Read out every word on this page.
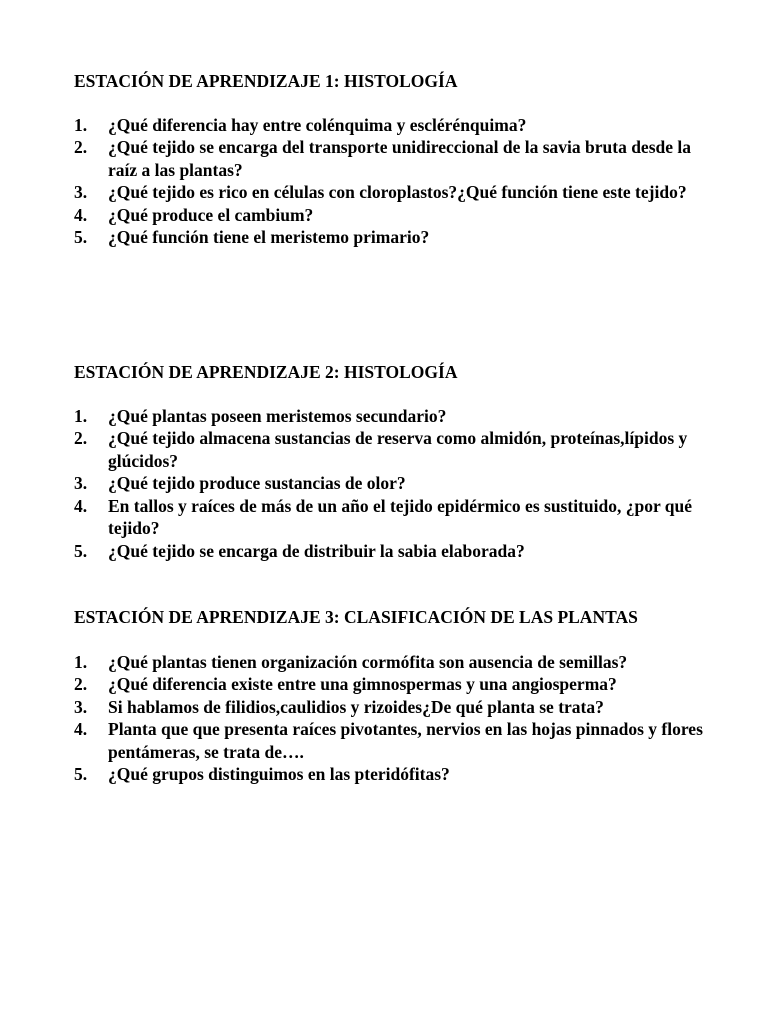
ESTACIÓN DE APRENDIZAJE 1: HISTOLOGÍA
1. ¿Qué diferencia hay entre colénquima y esclérénquima?
2. ¿Qué tejido se encarga del transporte unidireccional de la savia bruta desde la raíz a las plantas?
3. ¿Qué tejido es rico en células con cloroplastos?¿Qué función tiene este tejido?
4. ¿Qué produce el cambium?
5. ¿Qué función tiene el meristemo primario?
ESTACIÓN DE APRENDIZAJE 2: HISTOLOGÍA
1. ¿Qué plantas poseen meristemos secundario?
2. ¿Qué tejido almacena sustancias de reserva como almidón, proteínas,lípidos y glúcidos?
3. ¿Qué tejido produce sustancias de olor?
4. En tallos y raíces de más de un año el tejido epidérmico es sustituido, ¿por qué tejido?
5. ¿Qué tejido se encarga de distribuir la sabia elaborada?
ESTACIÓN DE APRENDIZAJE 3: CLASIFICACIÓN DE LAS PLANTAS
1. ¿Qué plantas tienen organización cormófita son ausencia de semillas?
2. ¿Qué diferencia existe entre una gimnospermas y una angiosperma?
3. Si hablamos de filidios,caulidios y rizoides¿De qué planta se trata?
4. Planta que que presenta raíces pivotantes, nervios en las hojas pinnados y flores pentámeras, se trata de….
5. ¿Qué grupos distinguimos en las pteridófitas?
